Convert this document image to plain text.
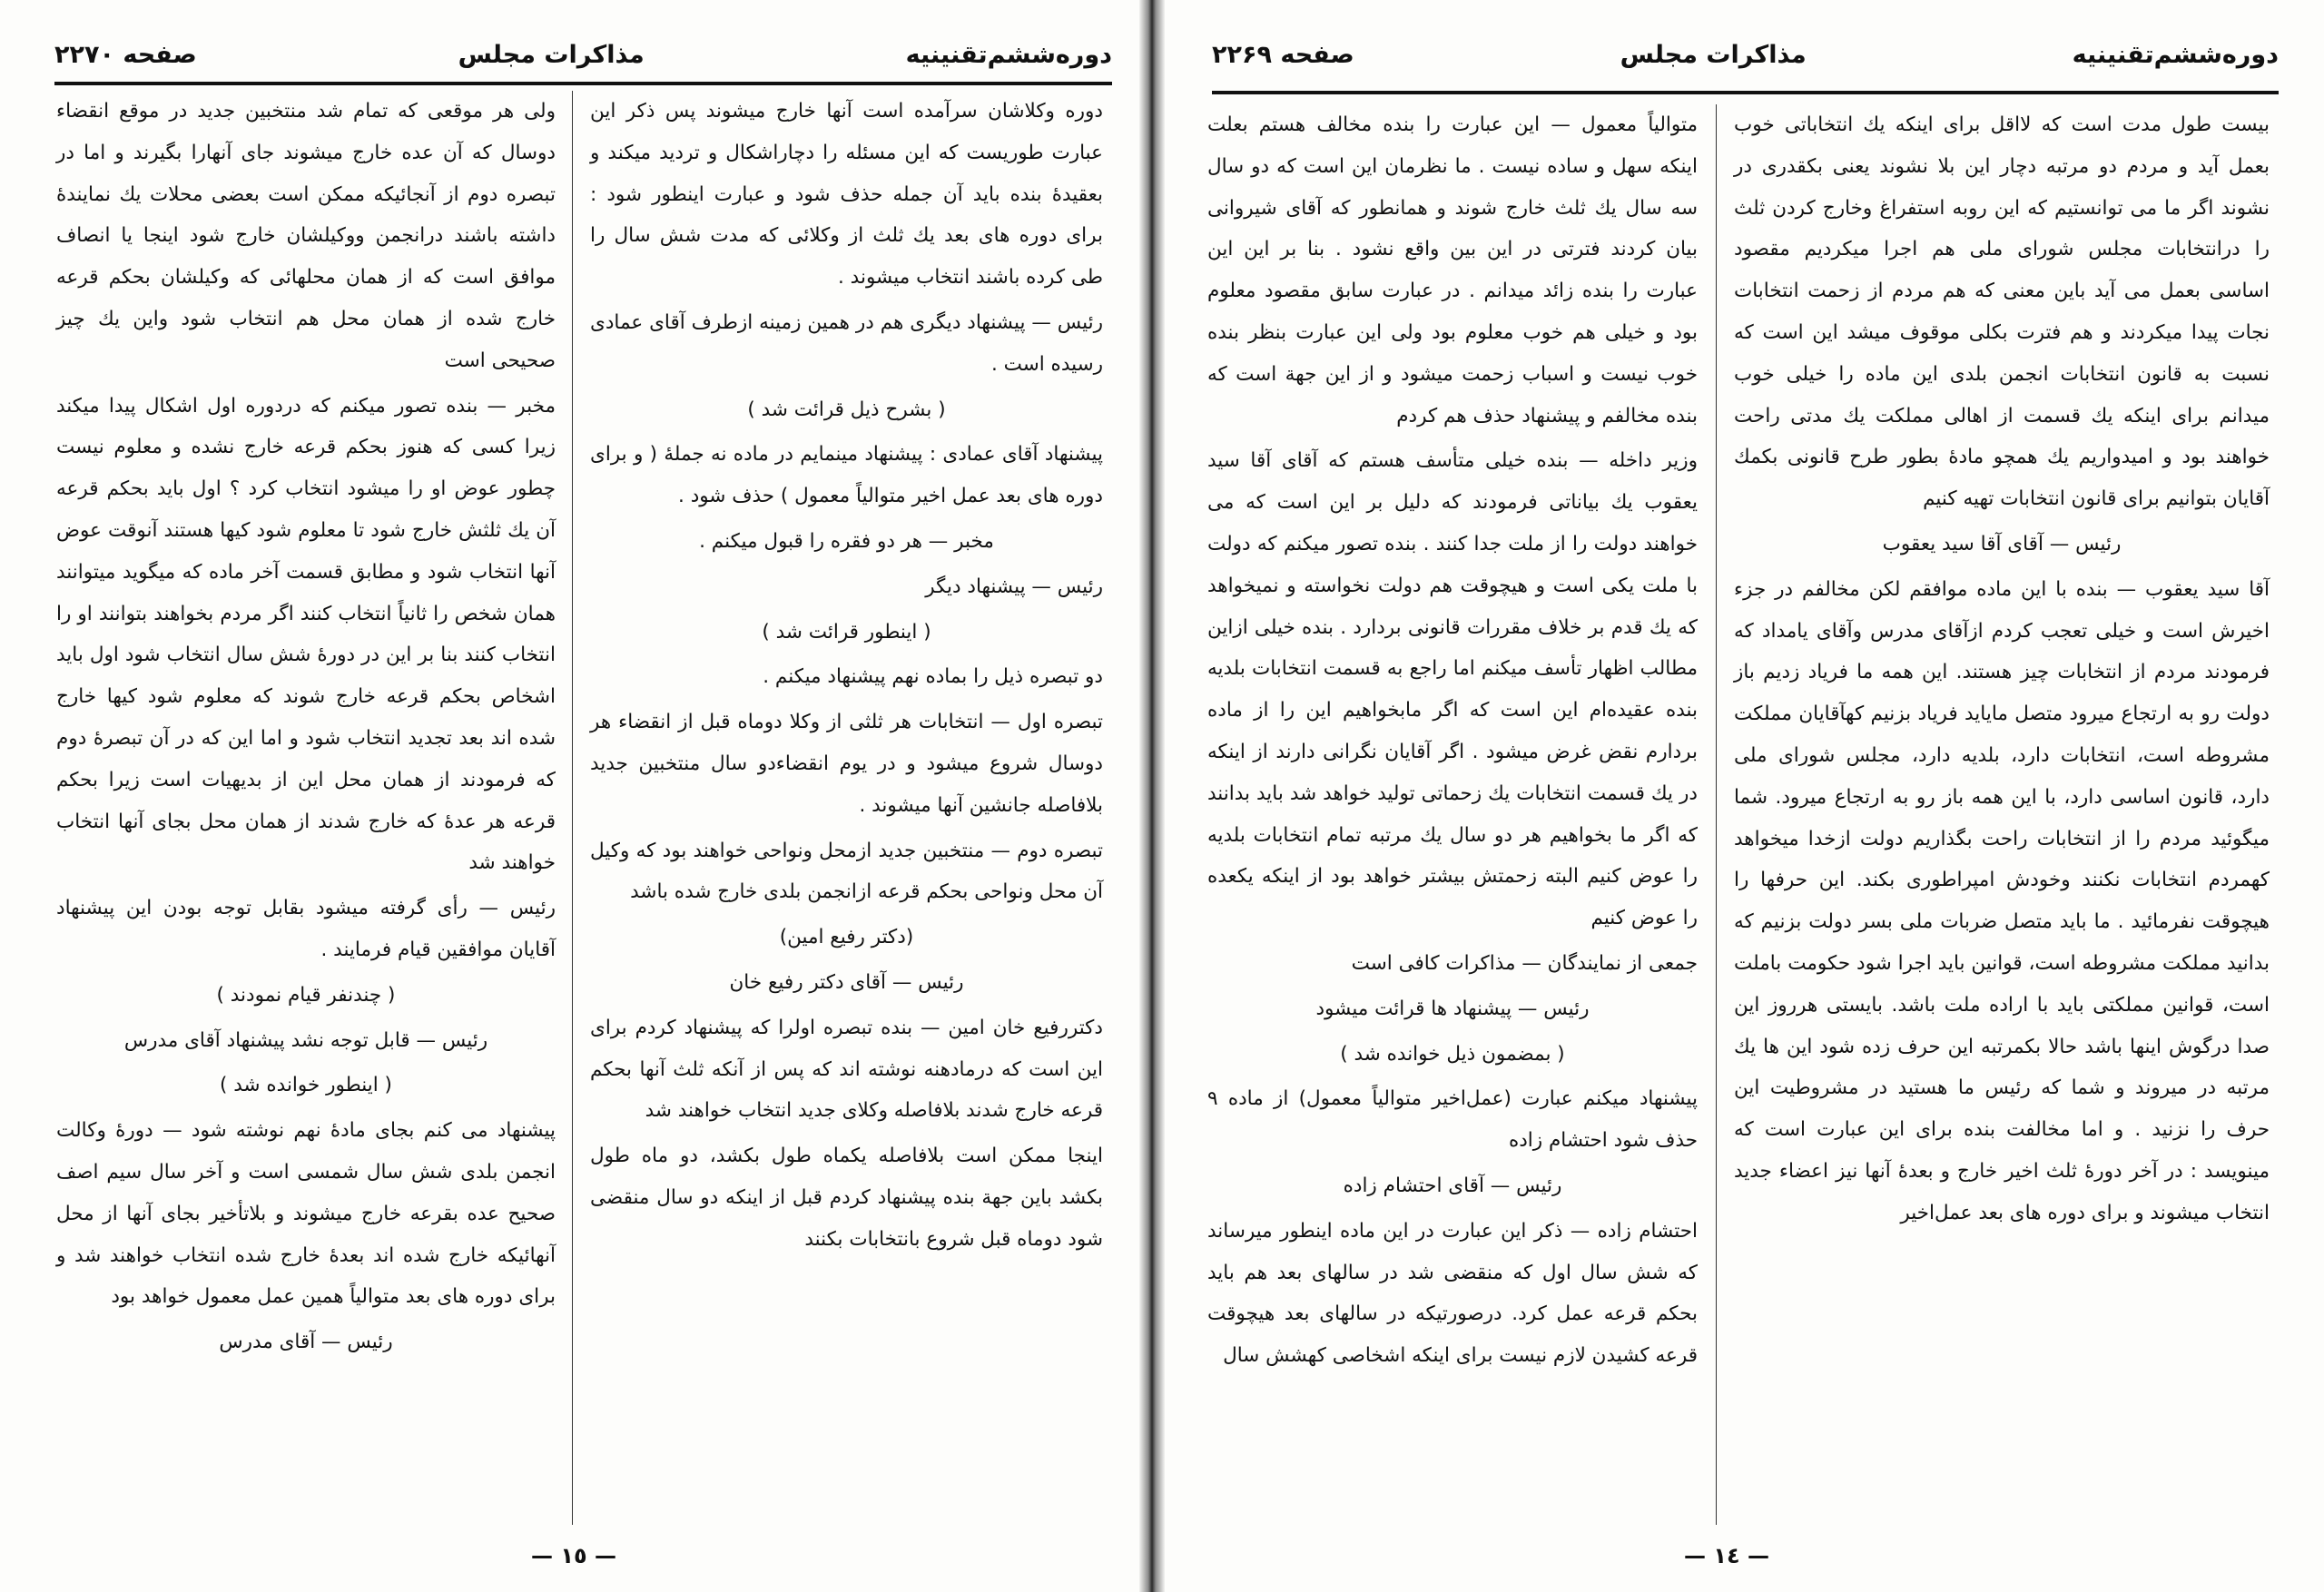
دوره‌ششم‌تقنینیه
مذاکرات مجلس
صفحه ۲۲۷۰

دوره وکلاشان سرآمده است آنها خارج میشوند پس ذکر این عبارت طوریست که این مسئله را دچاراشکال و تردید میکند و بعقیدهٔ بنده باید آن جمله حذف شود و عبارت اینطور شود : برای دوره های بعد یك ثلث از وکلائی که مدت شش سال را طی کرده باشند انتخاب میشوند .

رئیس — پیشنهاد دیگری هم در همین زمینه ازطرف آقای عمادی رسیده است .

( بشرح ذیل قرائت شد )

پیشنهاد آقای عمادی : پیشنهاد مینمایم در ماده نه جملهٔ ( و برای دوره های بعد عمل اخیر متوالیاً معمول ) حذف شود .

مخبر — هر دو فقره را قبول میکنم .

رئیس — پیشنهاد دیگر

( اینطور قرائت شد )

دو تبصره ذیل را بماده نهم پیشنهاد میکنم .

تبصره اول — انتخابات هر ثلثی از وکلا دوماه قبل از انقضاء هر دوسال شروع میشود و در یوم انقضاءدو سال منتخبین جدید بلافاصله جانشین آنها میشوند .

تبصره دوم — منتخبین جدید ازمحل ونواحی خواهند بود که وکیل آن محل ونواحی بحکم قرعه ازانجمن بلدی خارج شده باشد

(دکتر رفیع امین)

رئیس — آقای دکتر رفیع خان

دکتررفیع خان امین — بنده تبصره اولرا که پیشنهاد کردم برای این است که درمادهنه نوشته اند که پس از آنکه ثلث آنها بحکم قرعه خارج شدند بلافاصله وکلای جدید انتخاب خواهند شد

اینجا ممکن است بلافاصله یکماه طول بکشد، دو ماه طول بکشد باین جهة بنده پیشنهاد کردم قبل از اینکه دو سال منقضی شود دوماه قبل شروع بانتخابات بکنند

ولی هر موقعی که تمام شد منتخبین جدید در موقع انقضاء دوسال که آن عده خارج میشوند جای آنهارا بگیرند و اما در تبصره دوم از آنجائیکه ممکن است بعضی محلات یك نمایندهٔ داشته باشند درانجمن ووکیلشان خارج شود اینجا یا انصاف موافق است که از همان محلهائی که وکیلشان بحکم قرعه خارج شده از همان محل هم انتخاب شود واین یك چیز صحیحی است

مخبر — بنده تصور میکنم که دردوره اول اشکال پیدا میکند زیرا کسی که هنوز بحکم قرعه خارج نشده و معلوم نیست چطور عوض او را میشود انتخاب کرد ؟ اول باید بحکم قرعه آن یك ثلثش خارج شود تا معلوم شود کیها هستند آنوقت عوض آنها انتخاب شود و مطابق قسمت آخر ماده که میگوید میتوانند همان شخص را ثانیاً انتخاب کنند اگر مردم بخواهند بتوانند او را انتخاب کنند بنا بر این در دورهٔ شش سال انتخاب شود اول باید اشخاص بحکم قرعه خارج شوند که معلوم شود کیها خارج شده اند بعد تجدید انتخاب شود و اما این که در آن تبصرهٔ دوم که فرمودند از همان محل این از بدیهیات است زیرا بحکم قرعه هر عدهٔ که خارج شدند از همان محل بجای آنها انتخاب خواهند شد

رئیس — رأی گرفته میشود بقابل توجه بودن این پیشنهاد آقایان موافقین قیام فرمایند .

( چندنفر قیام نمودند )

رئیس — قابل توجه نشد پیشنهاد آقای مدرس

( اینطور خوانده شد )

پیشنهاد می کنم بجای مادهٔ نهم نوشته شود — دورهٔ وکالت انجمن بلدی شش سال شمسی است و آخر سال سیم اصف صحیح عده بقرعه خارج میشوند و بلاتأخیر بجای آنها از محل آنهائیکه خارج شده اند بعدهٔ خارج شده انتخاب خواهند شد و برای دوره های بعد متوالیاً همین عمل معمول خواهد بود

رئیس — آقای مدرس

— ١٥ —
دوره‌ششم‌تقنینیه
مذاکرات مجلس
صفحه ۲۲۶۹

بیست طول مدت است که لااقل برای اینکه یك انتخاباتی خوب بعمل آید و مردم دو مرتبه دچار این بلا نشوند یعنی بکقدری در نشوند اگر ما می توانستیم که این روبه استفراغ وخارج کردن ثلث را درانتخابات مجلس شورای ملی هم اجرا میکردیم مقصود اساسی بعمل می آید باین معنی که هم مردم از زحمت انتخابات نجات پیدا میکردند و هم فترت بکلی موقوف میشد این است که نسبت به قانون انتخابات انجمن بلدی این ماده را خیلی خوب میدانم برای اینکه یك قسمت از اهالی مملکت یك مدتی راحت خواهند بود و امیدواریم یك همچو مادهٔ بطور طرح قانونی بکمك آقایان بتوانیم برای قانون انتخابات تهیه کنیم

رئیس — آقای آقا سید یعقوب

آقا سید یعقوب — بنده با این ماده موافقم لکن مخالفم در جزء اخیرش است و خیلی تعجب کردم ازآقای مدرس وآقای یامداد که فرمودند مردم از انتخابات چیز هستند. این همه ما فریاد زدیم باز دولت رو به ارتجاع میرود متصل مایاید فریاد بزنیم کهآقایان مملکت مشروطه است، انتخابات دارد، بلدیه دارد، مجلس شورای ملی دارد، قانون اساسی دارد، با این همه باز رو به ارتجاع میرود. شما میگوئید مردم را از انتخابات راحت بگذاریم دولت ازخدا میخواهد کهمردم انتخابات نکنند وخودش امپراطوری بکند. این حرفها را هیچوقت نفرمائید . ما باید متصل ضربات ملی بسر دولت بزنیم که بدانید مملکت مشروطه است، قوانین باید اجرا شود حکومت باملت است، قوانین مملکتی باید با اراده ملت باشد. بایستی هرروز این صدا درگوش اینها باشد حالا بکمرتبه این حرف زده شود این ها یك مرتبه در میروند و شما که رئیس ما هستید در مشروطیت این حرف را نزنید . و اما مخالفت بنده برای این عبارت است که مینویسد : در آخر دورهٔ ثلث اخیر خارج و بعدهٔ آنها نیز اعضاء جدید انتخاب میشوند و برای دوره های بعد عمل‌اخیر

متوالیاً معمول — این عبارت را بنده مخالف هستم بعلت اینکه سهل و ساده نیست . ما نظرمان این است که دو سال سه سال یك ثلث خارج شوند و همانطور که آقای شیروانی بیان کردند فترتی در این بین واقع نشود . بنا بر این این عبارت را بنده زائد میدانم . در عبارت سابق مقصود معلوم بود و خیلی هم خوب معلوم بود ولی این عبارت بنظر بنده خوب نیست و اسباب زحمت میشود و از این جهة است که بنده مخالفم و پیشنهاد حذف هم کردم

وزیر داخله — بنده خیلی متأسف هستم که آقای آقا سید یعقوب یك بیاناتی فرمودند که دلیل بر این است که می خواهند دولت را از ملت جدا کنند . بنده تصور میکنم که دولت با ملت یکی است و هیچوقت هم دولت نخواسته و نمیخواهد که یك قدم بر خلاف مقررات قانونی بردارد . بنده خیلی ازاین مطالب اظهار تأسف میکنم اما راجع به قسمت انتخابات بلدیه بنده عقیده‌ام این است که اگر مابخواهیم این را از ماده بردارم نقض غرض میشود . اگر آقایان نگرانی دارند از اینکه در یك قسمت انتخابات یك زحماتی تولید خواهد شد باید بدانند که اگر ما بخواهیم هر دو سال یك مرتبه تمام انتخابات بلدیه را عوض کنیم البته زحمتش بیشتر خواهد بود از اینکه یکعده را عوض کنیم

جمعی از نمایندگان — مذاکرات کافی است

رئیس — پیشنهاد ها قرائت میشود

( بمضمون ذیل خوانده شد )

پیشنهاد میکنم عبارت (عمل‌اخیر متوالیاً معمول) از ماده ۹ حذف شود احتشام زاده

رئیس — آقای احتشام زاده

احتشام زاده — ذکر این عبارت در این ماده اینطور میرساند که شش سال اول که منقضی شد در سالهای بعد هم باید بحکم قرعه عمل کرد. درصورتیکه در سالهای بعد هیچوقت قرعه کشیدن لازم نیست برای اینکه اشخاصی کهشش سال

— ١٤ —
